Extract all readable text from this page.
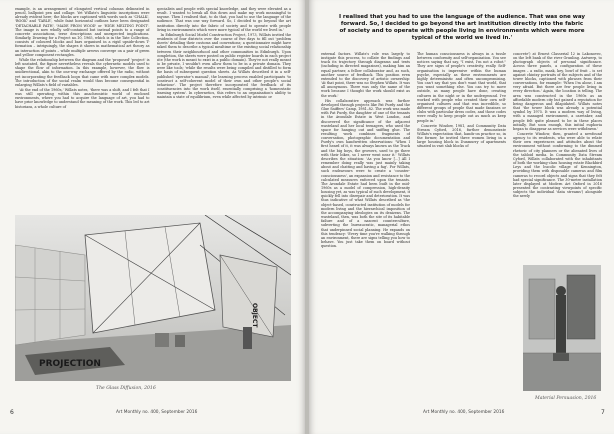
example, is an arrangement of elongated vertical columns delineated in pencil, ballpoint pen and collage. Yet Willats's linguistic inscriptions were already evident here; the blocks are captioned with words such as 'CHALK', 'BOOK' and 'TABLE', while faint horizontal outlines have been designated 'DETACHABLE PATH', 'MADE FROM WOOD' or 'HIGH MELTING POINT'. The image is now wholly self-contained but instead points to a range of concrete associations, terse descriptions and unexpected implications. Similarly, Drawing for a Project no.10, 1965, which is in the Tate Collection, consists of coloured blocks and bars organised in a rigid upside-down T-formation – intriguingly, the shapes it shows in mathematical art theory as an interaction of points – while multiple arrows converge on a pair of green and yellow component rectangles.

While the relationship between the diagram and the 'proposed' 'project' is left unstated, the figure nevertheless reveals the cybernetic models used to shape the flow of information. In this example, however, the flow is unidirectional, akin to the one-way exchange offered by the radio, without yet incorporating the feedback loops that came with more complex models. The introduction of the social realm would thus become consequential in enlarging Willats's field of variables.

'At the end of the 1960s,' Willats notes, 'there was a shift, and I felt that I was still operating within this anachronistic world of enclosed environments, where you had to acquire the language of art, you had to have prior knowledge to understand the meaning of the work. This led to art historians, a whole culture of

specialists and people with special knowledge, and they were elevated as a result. I wanted to break all this down and make my work meaningful to anyone. Then I realised that, to do that, you had to use the language of the audience. That was one way forward. So, I decided to go beyond the art institution directly into the fabric of society and to operate with people living in environments which were more typical of the world we lived in.'

In Edinburgh Social Model Construction Project, 1973, Willats invited the residents of four districts over the course of five days to fill out 'problem sheets' detailing their customs and conventions; a questionnaire might have asked them to describe a typical mealtime or the existing social relationship between their neighbourhood and other communities in Edinburgh. Upon completion, the sheets were posted on public register boards in each project site (the work is meant to exist in a public domain). They're not really meant to be private, I wouldn't even allow them to be in a private domain. They were like tools; 'while the results were being compiled and distilled to form the basis of subsequent question sheets. As Willats described it in a self-published 'operator's manual', the learning process enabled participants 'to construct a self-coherent model of their own and other people's social behaviour'. The project therefore incorporated the feedback of its constituencies into the work itself, essentially comprising a 'homeostatic learning system'. In cybernetics, this refers to an organisation's ability to maintain a state of equilibrium, even while affected by intrinsic or

PROJECTION
OBJECT
The Glass Diffusion, 2016
6	Art Monthly no. 400, September 2016
I realised that you had to use the language of the audience. That was one way forward. So, I decided to go beyond the art institution directly into the fabric of society and to operate with people living in environments which were more typical of the world we lived in.'

external factors. Willats's role was largely to instigate this process, to collate the findings and track its trajectory through diagrams and texts (including in directed magazines), making him an equal partner, a fellow collaborator and, as such, another source of feedback. This position even extended to the discovery of artistic ownership: 'At that point, there was no Stephen Willats. It was all anonymous. There was only the name of the work because I thought the work should exist as the work.'

His collaborative approach was further developed through projects like Pat Purdy and the Glue Sniffers' Camp, 1981–82. The work was made with Pat Purdy, the daughter of one of the tenants in the Avondale Estate in West London, and discovered the significance of the adjacent wasteland and her local teenagers, who used the space for hanging out and sniffing glue. The resulting work combines fragments of conversation, photographic documentation and Purdy's own handwritten observations: 'When I first heard of it, it was always known as the Track and the big boys, the growers, used to go there with their bikes, so I never went near it.' Willats describes the situation: 'As you know [...] All I remember doing really was just mainly taking about and chatting and having a fag'. For Willats, such endeavours were to create a 'counter-consciousness', an expansion and resistance to the calculated measures enforced upon the tenants. The Avondale Estate had been built in the mid-1960s as a model of compression, high-density housing yet, as was typical of such development, it quickly fell into disrepair and deterioration. It was thus indicative of what Willats described as 'the object-based, constructed institution of models for modern living and the hierarchical imposition of the accompanying ideologies on its denizens. The wasteland, then, was both the site of its habitable failure and of a nascent counterculture, subverting the bureaucratic, managerial ethos that underpinned social planning. He expands on this tendency: 'Every time you're walking through an environment, there are signs telling you how to behave. You just take them on board without question.

The human consciousness is always in a tussle between conformity and self-organisation. You see notices saying that say, "I exist, I'm not a robot." They are signs of people's creativity, really. Self-organisation is impressive within the human psyche, especially as these environments are highly deterministic and often uncompromising. You can't say that you don't want that world, that you want something else. You can try to move outside, as many people have done, creating cultures in the night or in the underground. I've worked with people who created their own self-organised cultures and that was incredible, so different groups of people that made fanzines or clubs with particular dress codes, and those codes were really to keep people out as much as keep people in.'

Concrete Window, 1981, and Community Data Stream Cyford, 2016, further demonstrate Willats's expectation that, hands-on practice so, in the former, he invited three women living in a large housing block in Dunmurry of apartments situated in vast slab blocks of

concrete') at Ernest Classerial 12 in Lakonovec, on the left bank of the river Grunling. Antwerp, to photograph objects of personal significance. Across three panels, a configuration of these images – a radio, mask, key, bowl of fruit – is set against chintzy portraits of the subjects and of the tower blocks, captioned with phrases from their conversations, for example: 'When I'm alone, I am very afraid. But there are few people living in every direction.' Again, the location is telling. The area was constructed in the 1960s as an affordable modern city but gained a reputation for being dangerous and dilapidated. Willats notes that 'the tower block was already a potential symbol by 1975. It was a modern way of living, with a managed environment, a caretaker, and people felt quite pleased to be in these places initially. But soon enough, this initial euphoria began to disappear as services were withdrawn.'

Concrete Window, then, granted a newfound agency to its residents, who were able to relate their own experiences and attitudes about the environment without conforming to the dimmed rhetoric of city planners or the alienated lives of the tabloid media. In Community Data Stream Cyford, Willats collaborated with the inhabitants of both the working-class housing estate Blackbird Leys and the bucolic village of Kennington, providing them with disposable cameras and film cameras to record objects and signs that they felt had special significance. The 30-metre installation later displayed at Modern Art Oxford in 2016 presented the contrasting viewpoints of specific subjects the individual 'data streams') alongside the newly

Material Persuasion, 2016
Art Monthly no. 400, September 2016	7
